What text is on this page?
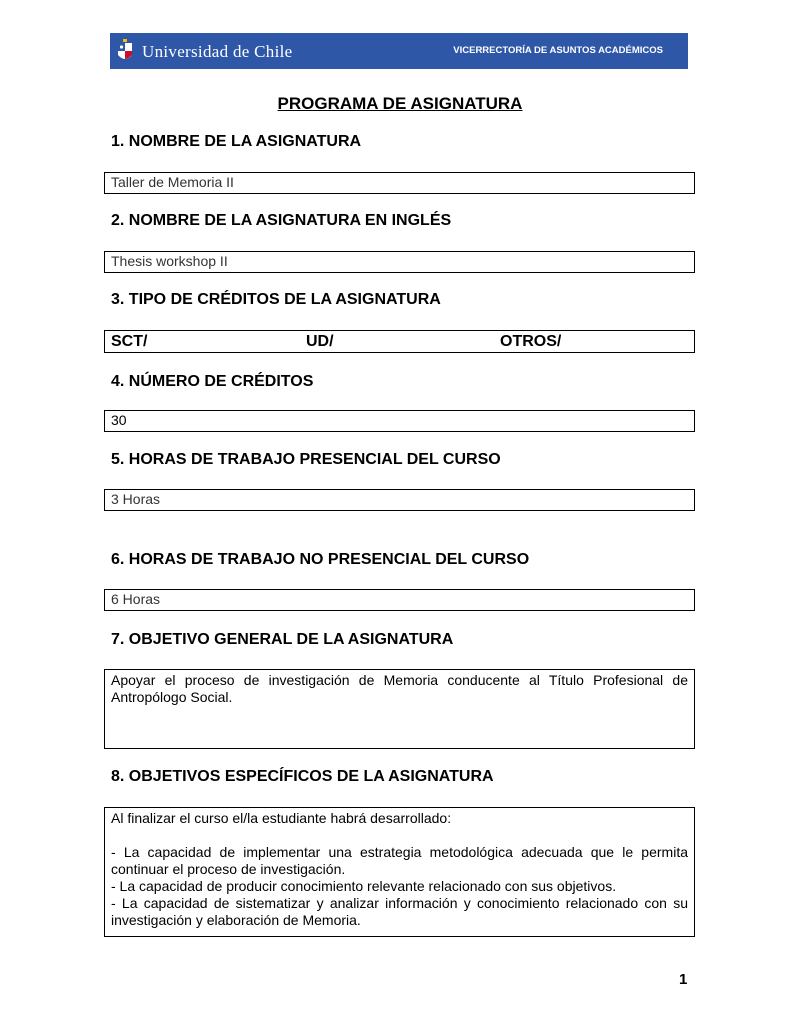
Universidad de Chile	VICERRECTORÍA DE ASUNTOS ACADÉMICOS
PROGRAMA DE ASIGNATURA
1. NOMBRE DE LA ASIGNATURA
Taller de Memoria II
2. NOMBRE DE LA ASIGNATURA EN INGLÉS
Thesis workshop II
3. TIPO DE CRÉDITOS DE LA ASIGNATURA
SCT/	UD/	OTROS/
4. NÚMERO DE CRÉDITOS
30
5. HORAS DE TRABAJO PRESENCIAL DEL CURSO
3 Horas
6. HORAS DE TRABAJO NO PRESENCIAL DEL CURSO
6 Horas
7. OBJETIVO GENERAL DE LA ASIGNATURA

Apoyar el proceso de investigación de Memoria conducente al Título Profesional de Antropólogo Social.

8. OBJETIVOS ESPECÍFICOS DE LA ASIGNATURA

Al finalizar el curso el/la estudiante habrá desarrollado:

- La capacidad de implementar una estrategia metodológica adecuada que le permita continuar el proceso de investigación.

- La capacidad de producir conocimiento relevante relacionado con sus objetivos.

- La capacidad de sistematizar y analizar información y conocimiento relacionado con su investigación y elaboración de Memoria.

1
